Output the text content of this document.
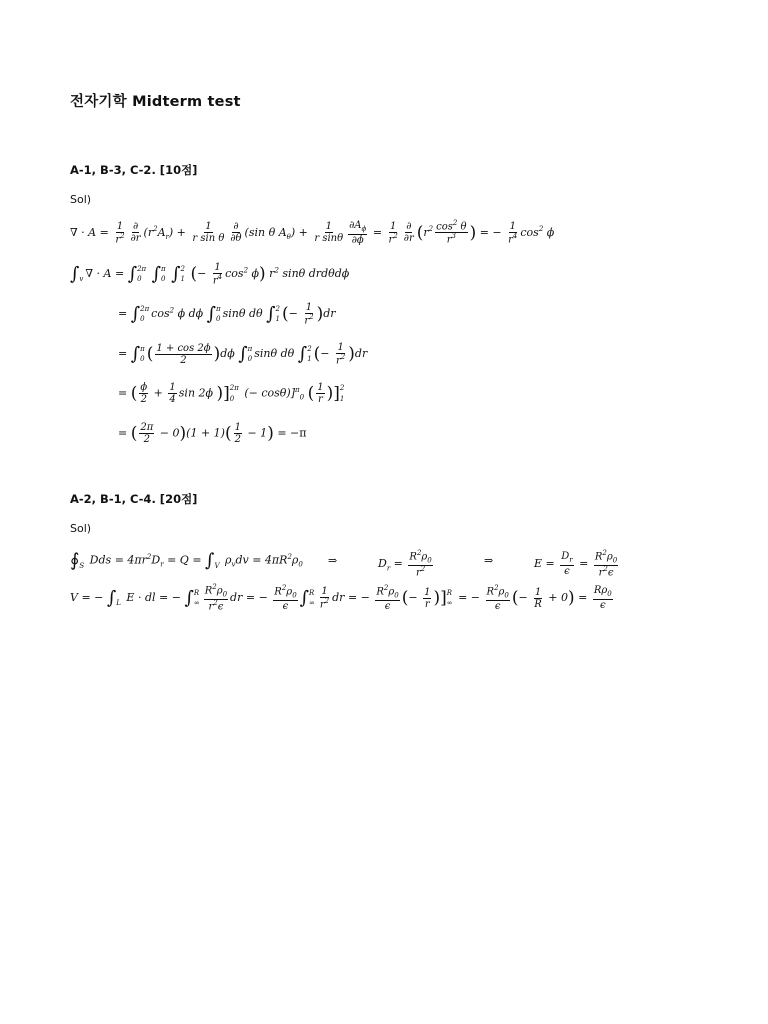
전자기학 Midterm test
A-1, B-3, C-2. [10점]
Sol)
∇ · $A = \frac{1}{r^2} \frac{\partial}{\partial r} (r^2A_r) + \frac{1}{\text{r sin θ}} \frac{\partial}{\partial\theta} (\sin$ θ $A_\theta) + \frac{1}{\text{r sinθ}} \frac{\partial A_\phi}{\partial\phi} = \frac{1}{r^2} \frac{\partial}{\partial r} (r^2 \frac{\cos^2 \theta}{r^3}$ ) = − $\frac{1}{r^4} \cos^2 \phi$
∫
v ∇ · A = ∫ 2π
0 ∫ π
0 ∫ 2
1 (− $\frac{1}{r^4} \cos^2 \phi$) $r^2$ sinθ drdθdϕ
= ∫ 2π
0 $\cos^2 \phi$ dϕ ∫ π
0 sinθ dθ ∫ 2
1 (− $\frac{1}{r^2} )dr$
= ∫ π
0 ( $\frac{1 + \cos 2\phi}{2} )d\phi$ ∫ π
0 sinθ dθ ∫ 2
1 (− $\frac{1}{r^2} )dr$
= ( $\frac{\phi}{2} + \frac{1}{4}$ sin 2ϕ )] 2π
0 (− cosθ)]$^\pi_0$ ( $\frac{1}{r}$ )] 2
1
= ( $\frac{2\pi}{2} - 0)(1 + 1)( \frac{1}{2} - 1) = -\pi$
A-2, B-1, C-4. [20점]
Sol)
∮
S Dds = $4\pi r^2D_r = Q$ = ∫
V $\rho_vdv = 4\pi R^2\rho_0$ ⇒	$D_r = \frac{R^2\rho_0}{r^2}$	⇒	$E = \frac{D_r}{\epsilon} = \frac{R^2\rho_0}{r^2\epsilon}$
V = − ∫
L E · dl = − ∫ R
∞ $\frac{R^2\rho_0}{r^2\epsilon}$ dr = − $\frac{R^2\rho_0}{\epsilon}$ ∫ R
∞ $\frac{1}{r^2}$ dr = − $\frac{R^2\rho_0}{\epsilon}$ (− $\frac{1}{r}$ )] R
∞ = − $\frac{R^2\rho_0}{\epsilon}$ (− $\frac{1}{R} + 0) = \frac{R\rho_0}{\epsilon}$
